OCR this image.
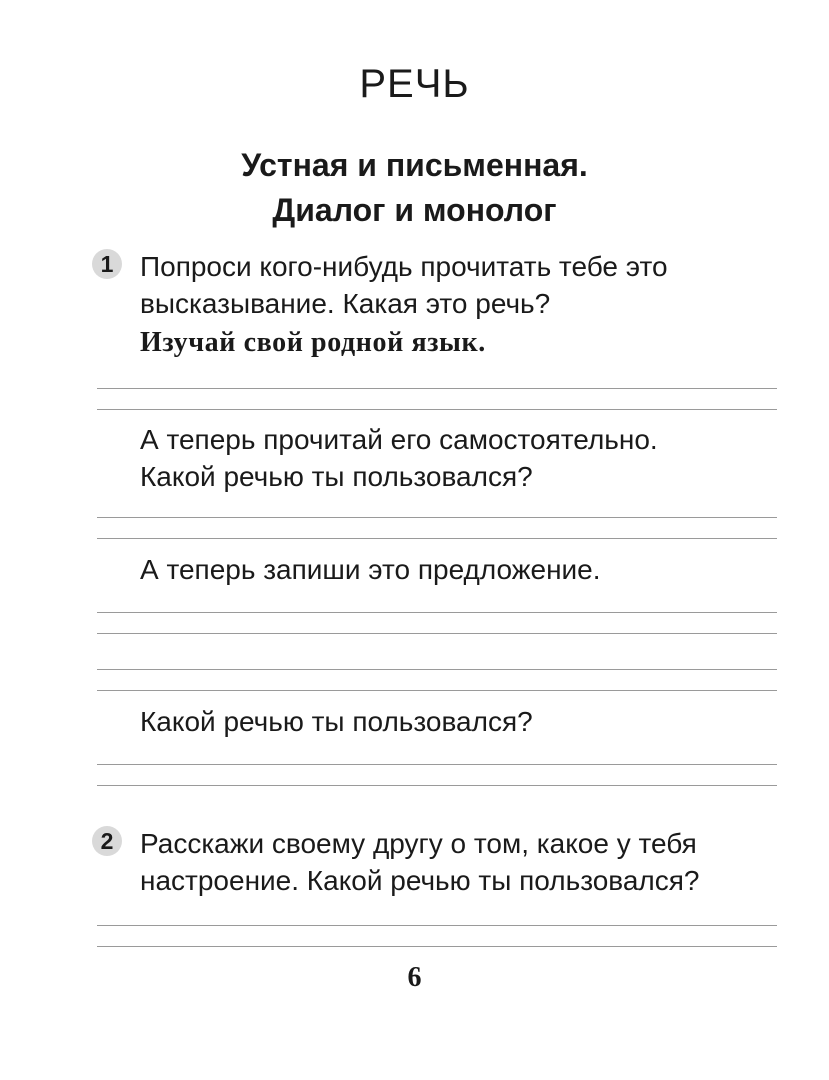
РЕЧЬ
Устная и письменная.
Диалог и монолог
1 Попроси кого-нибудь прочитать тебе это
высказывание. Какая это речь?
Изучай свой родной язык.
А теперь прочитай его самостоятельно.
Какой речью ты пользовался?
А теперь запиши это предложение.
Какой речью ты пользовался?
2 Расскажи своему другу о том, какое у тебя
настроение. Какой речью ты пользовался?
6
